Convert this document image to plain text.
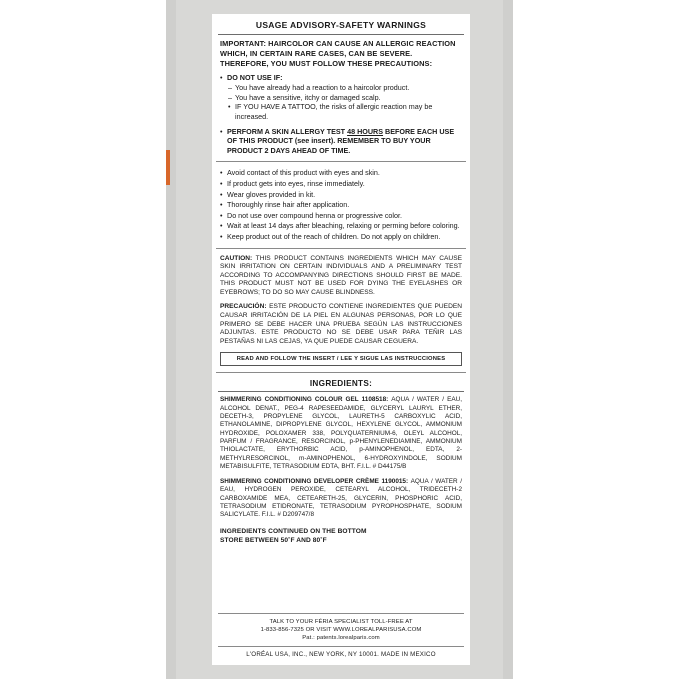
USAGE ADVISORY-SAFETY WARNINGS

IMPORTANT: HAIRCOLOR CAN CAUSE AN ALLERGIC REACTION WHICH, IN CERTAIN RARE CASES, CAN BE SEVERE. THEREFORE, YOU MUST FOLLOW THESE PRECAUTIONS:

• DO NOT USE IF:
– You have already had a reaction to a haircolor product.
– You have a sensitive, itchy or damaged scalp.
• IF YOU HAVE A TATTOO, the risks of allergic reaction may be increased.
• PERFORM A SKIN ALLERGY TEST 48 HOURS BEFORE EACH USE OF THIS PRODUCT (see insert). REMEMBER TO BUY YOUR PRODUCT 2 DAYS AHEAD OF TIME.
• Avoid contact of this product with eyes and skin.
• If product gets into eyes, rinse immediately.
• Wear gloves provided in kit.
• Thoroughly rinse hair after application.
• Do not use over compound henna or progressive color.
• Wait at least 14 days after bleaching, relaxing or perming before coloring.
• Keep product out of the reach of children. Do not apply on children.
CAUTION: THIS PRODUCT CONTAINS INGREDIENTS WHICH MAY CAUSE SKIN IRRITATION ON CERTAIN INDIVIDUALS AND A PRELIMINARY TEST ACCORDING TO ACCOMPANYING DIRECTIONS SHOULD FIRST BE MADE. THIS PRODUCT MUST NOT BE USED FOR DYING THE EYELASHES OR EYEBROWS; TO DO SO MAY CAUSE BLINDNESS.
PRECAUCIÓN: ESTE PRODUCTO CONTIENE INGREDIENTES QUE PUEDEN CAUSAR IRRITACIÓN DE LA PIEL EN ALGUNAS PERSONAS, POR LO QUE PRIMERO SE DEBE HACER UNA PRUEBA SEGÚN LAS INSTRUCCIONES ADJUNTAS. ESTE PRODUCTO NO SE DEBE USAR PARA TEÑIR LAS PESTAÑAS NI LAS CEJAS, YA QUE PUEDE CAUSAR CEGUERA.
READ AND FOLLOW THE INSERT / LEE Y SIGUE LAS INSTRUCCIONES
INGREDIENTS:
SHIMMERING CONDITIONING COLOUR GEL 1108518: AQUA / WATER / EAU, ALCOHOL DENAT., PEG-4 RAPESEEDAMIDE, GLYCERYL LAURYL ETHER, DECETH-3, PROPYLENE GLYCOL, LAURETH-5 CARBOXYLIC ACID, ETHANOLAMINE, DIPROPYLENE GLYCOL, HEXYLENE GLYCOL, AMMONIUM HYDROXIDE, POLOXAMER 338, POLYQUATERNIUM-6, OLEYL ALCOHOL, PARFUM / FRAGRANCE, RESORCINOL, p-PHENYLENEDIAMINE, AMMONIUM THIOLACTATE, ERYTHORBIC ACID, p-AMINOPHENOL, EDTA, 2-METHYLRESORCINOL, m-AMINOPHENOL, 6-HYDROXYINDOLE, SODIUM METABISULFITE, TETRASODIUM EDTA, BHT. F.I.L. # D44175/B
SHIMMERING CONDITIONING DEVELOPER CRÈME 1190015: AQUA / WATER / EAU, HYDROGEN PEROXIDE, CETEARYL ALCOHOL, TRIDECETH-2 CARBOXAMIDE MEA, CETEARETH-25, GLYCERIN, PHOSPHORIC ACID, TETRASODIUM ETIDRONATE, TETRASODIUM PYROPHOSPHATE, SODIUM SALICYLATE. F.I.L. # D209747/8
INGREDIENTS CONTINUED ON THE BOTTOM
STORE BETWEEN 50˚F AND 80˚F
TALK TO YOUR FÉRIA SPECIALIST TOLL-FREE AT
1-833-856-7325 OR VISIT WWW.LOREALPARISUSA.COM
Pat.: patents.lorealparis.com
L'ORÉAL USA, INC., NEW YORK, NY 10001. MADE IN MEXICO
